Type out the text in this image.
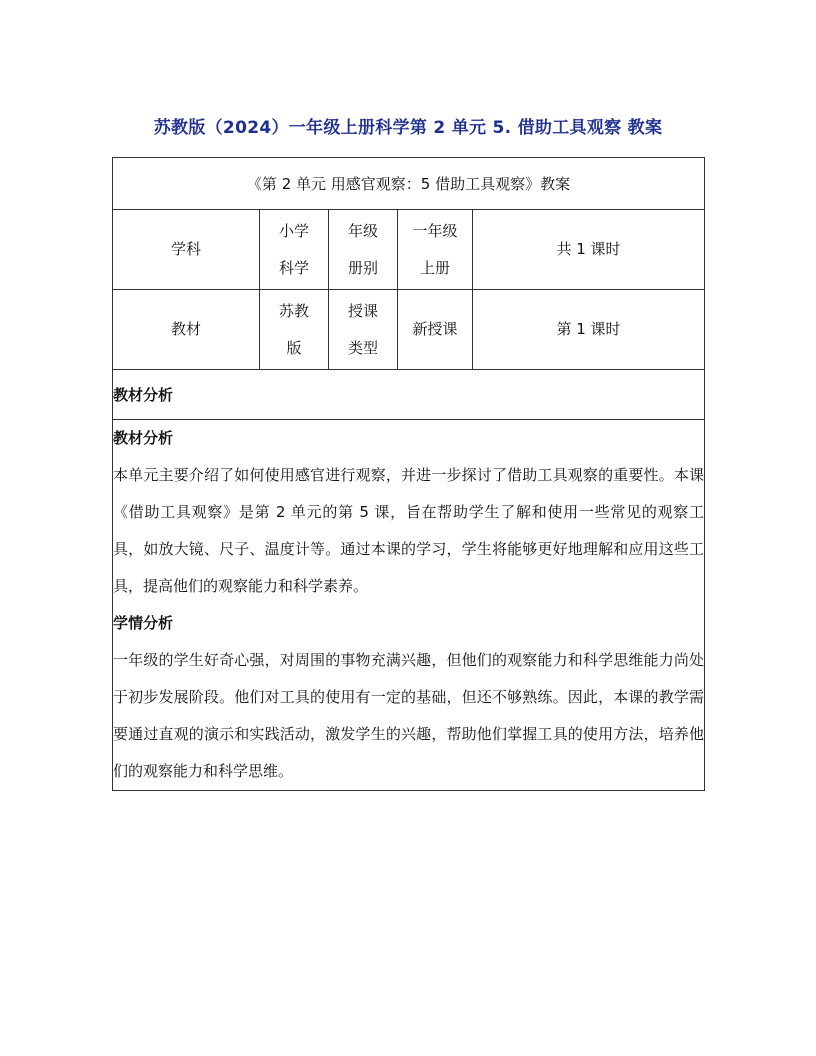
苏教版（2024）一年级上册科学第 2 单元 5. 借助工具观察 教案
《第 2 单元 用感官观察：5 借助工具观察》教案				
学科	小学科学	年级册别	一年级上册	共 1 课时
教材	苏教版	授课类型	新授课	第 1 课时
教材分析				

教材分析

本单元主要介绍了如何使用感官进行观察，并进一步探讨了借助工具观察的重要性。本课《借助工具观察》是第 2 单元的第 5 课，旨在帮助学生了解和使用一些常见的观察工具，如放大镜、尺子、温度计等。通过本课的学习，学生将能够更好地理解和应用这些工具，提高他们的观察能力和科学素养。

学情分析

一年级的学生好奇心强，对周围的事物充满兴趣，但他们的观察能力和科学思维能力尚处于初步发展阶段。他们对工具的使用有一定的基础，但还不够熟练。因此，本课的教学需要通过直观的演示和实践活动，激发学生的兴趣，帮助他们掌握工具的使用方法，培养他们的观察能力和科学思维。				
